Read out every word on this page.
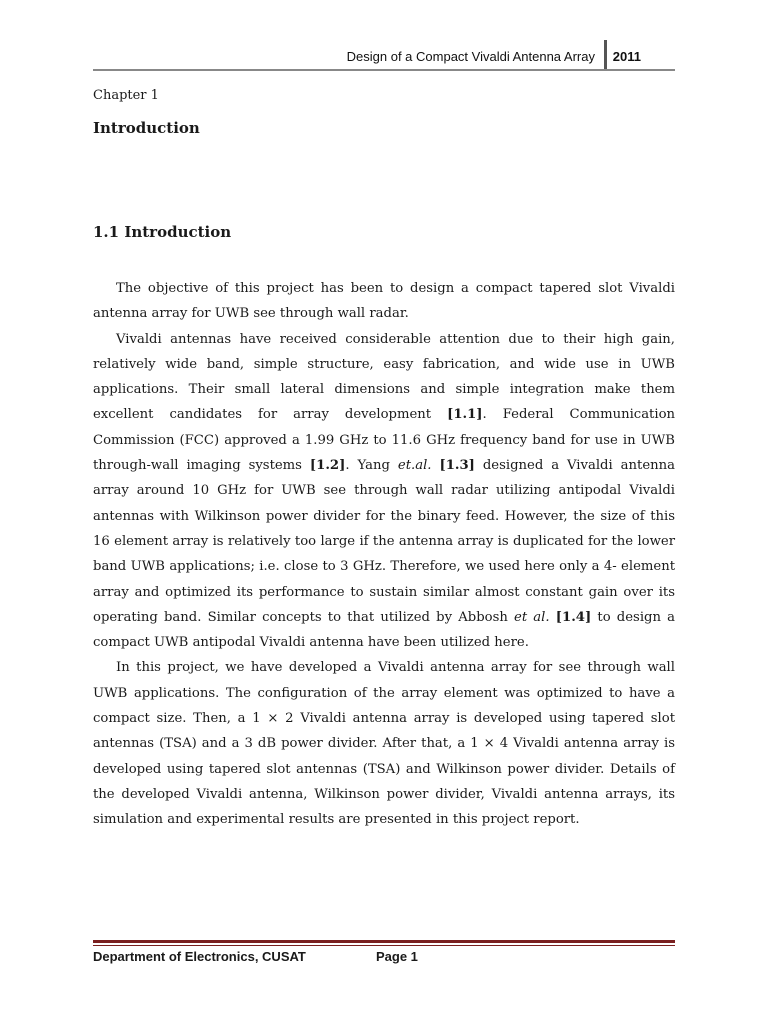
Design of a Compact Vivaldi Antenna Array 2011
Chapter 1
Introduction
1.1 Introduction

The objective of this project has been to design a compact tapered slot Vivaldi antenna array for UWB see through wall radar.

Vivaldi antennas have received considerable attention due to their high gain, relatively wide band, simple structure, easy fabrication, and wide use in UWB applications. Their small lateral dimensions and simple integration make them excellent candidates for array development [1.1]. Federal Communication Commission (FCC) approved a 1.99 GHz to 11.6 GHz frequency band for use in UWB through-wall imaging systems [1.2]. Yang et.al. [1.3] designed a Vivaldi antenna array around 10 GHz for UWB see through wall radar utilizing antipodal Vivaldi antennas with Wilkinson power divider for the binary feed. However, the size of this 16 element array is relatively too large if the antenna array is duplicated for the lower band UWB applications; i.e. close to 3 GHz. Therefore, we used here only a 4- element array and optimized its performance to sustain similar almost constant gain over its operating band. Similar concepts to that utilized by Abbosh et al. [1.4] to design a compact UWB antipodal Vivaldi antenna have been utilized here.

In this project, we have developed a Vivaldi antenna array for see through wall UWB applications. The configuration of the array element was optimized to have a compact size. Then, a 1 × 2 Vivaldi antenna array is developed using tapered slot antennas (TSA) and a 3 dB power divider. After that, a 1 × 4 Vivaldi antenna array is developed using tapered slot antennas (TSA) and Wilkinson power divider. Details of the developed Vivaldi antenna, Wilkinson power divider, Vivaldi antenna arrays, its simulation and experimental results are presented in this project report.

Department of Electronics, CUSAT	Page 1
